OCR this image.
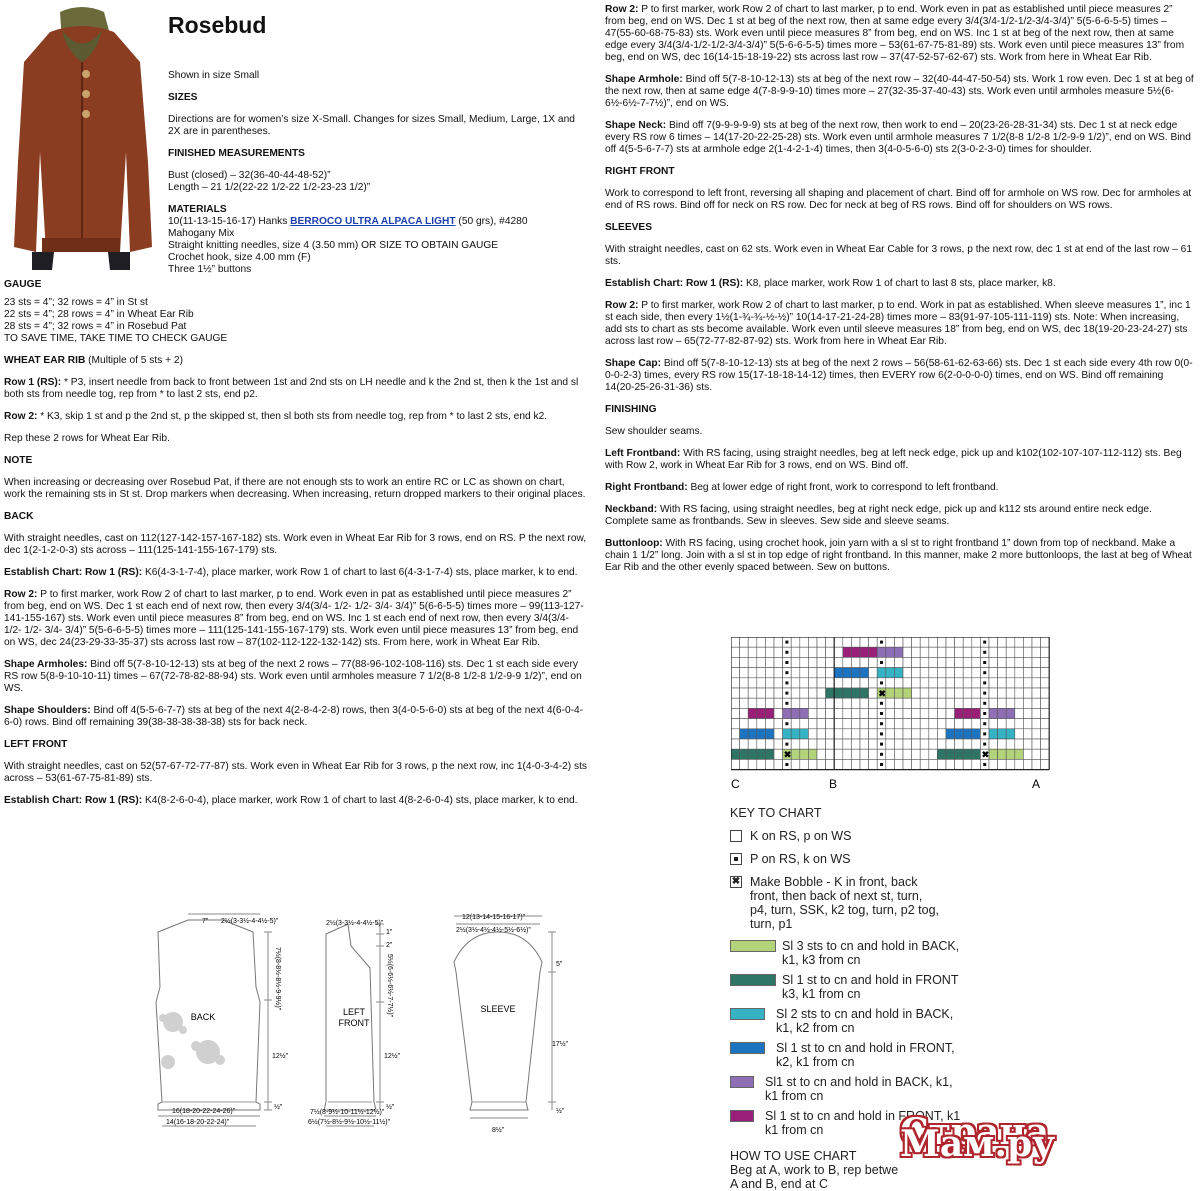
Rosebud

Shown in size Small

SIZES

Directions are for women’s size X-Small. Changes for sizes Small, Medium, Large, 1X and 2X are in parentheses.

FINISHED MEASUREMENTS
Bust (closed) – 32(36-40-44-48-52)”

Length – 21 1/2(22-22 1/2-22 1/2-23-23 1/2)”

MATERIALS
10(11-13-15-16-17) Hanks BERROCO ULTRA ALPACA LIGHT (50 grs), #4280
Mahogany Mix
Straight knitting needles, size 4 (3.50 mm) OR SIZE TO OBTAIN GAUGE
Crochet hook, size 4.00 mm (F)
Three 1½” buttons
GAUGE
23 sts = 4”; 32 rows = 4” in St st
22 sts = 4”; 28 rows = 4” in Wheat Ear Rib
28 sts = 4”; 32 rows = 4” in Rosebud Pat

TO SAVE TIME, TAKE TIME TO CHECK GAUGE

WHEAT EAR RIB (Multiple of 5 sts + 2)

Row 1 (RS): * P3, insert needle from back to front between 1st and 2nd sts on LH needle and k the 2nd st, then k the 1st and sl both sts from needle tog, rep from * to last 2 sts, end p2.

Row 2: * K3, skip 1 st and p the 2nd st, p the skipped st, then sl both sts from needle tog, rep from * to last 2 sts, end k2.

Rep these 2 rows for Wheat Ear Rib.

NOTE

When increasing or decreasing over Rosebud Pat, if there are not enough sts to work an entire RC or LC as shown on chart, work the remaining sts in St st. Drop markers when decreasing. When increasing, return dropped markers to their original places.

BACK

With straight needles, cast on 112(127-142-157-167-182) sts. Work even in Wheat Ear Rib for 3 rows, end on RS. P the next row, dec 1(2-1-2-0-3) sts across – 111(125-141-155-167-179) sts.

Establish Chart: Row 1 (RS): K6(4-3-1-7-4), place marker, work Row 1 of chart to last 6(4-3-1-7-4) sts, place marker, k to end.

Row 2: P to first marker, work Row 2 of chart to last marker, p to end. Work even in pat as established until piece measures 2” from beg, end on WS. Dec 1 st each end of next row, then every 3/4(3/4- 1/2- 1/2- 3/4- 3/4)” 5(6-6-5-5) times more – 99(113-127-141-155-167) sts. Work even until piece measures 8” from beg, end on WS. Inc 1 st each end of next row, then every 3/4(3/4- 1/2- 1/2- 3/4- 3/4)” 5(5-6-6-5-5) times more – 111(125-141-155-167-179) sts. Work even until piece measures 13” from beg, end on WS, dec 24(23-29-33-35-37) sts across last row – 87(102-112-122-132-142) sts. From here, work in Wheat Ear Rib.

Shape Armholes: Bind off 5(7-8-10-12-13) sts at beg of the next 2 rows – 77(88-96-102-108-116) sts. Dec 1 st each side every RS row 5(8-9-10-10-11) times – 67(72-78-82-88-94) sts. Work even until armholes measure 7 1/2(8-8 1/2-8 1/2-9-9 1/2)”, end on WS.

Shape Shoulders: Bind off 4(5-5-6-7-7) sts at beg of the next 4(2-8-4-2-8) rows, then 3(4-0-5-6-0) sts at beg of the next 4(6-0-4-6-0) rows. Bind off remaining 39(38-38-38-38-38) sts for back neck.

LEFT FRONT

With straight needles, cast on 52(57-67-72-77-87) sts. Work even in Wheat Ear Rib for 3 rows, p the next row, inc 1(4-0-3-4-2) sts across – 53(61-67-75-81-89) sts.

Establish Chart: Row 1 (RS): K4(8-2-6-0-4), place marker, work Row 1 of chart to last 4(8-2-6-0-4) sts, place marker, k to end.

Row 2: P to first marker, work Row 2 of chart to last marker, p to end. Work even in pat as established until piece measures 2” from beg, end on WS. Dec 1 st at beg of the next row, then at same edge every 3/4(3/4-1/2-1/2-3/4-3/4)” 5(5-6-6-5-5) times – 47(55-60-68-75-83) sts. Work even until piece measures 8” from beg, end on WS. Inc 1 st at beg of the next row, then at same edge every 3/4(3/4-1/2-1/2-3/4-3/4)” 5(5-6-6-5-5) times more – 53(61-67-75-81-89) sts. Work even until piece measures 13” from beg, end on WS, dec 16(14-15-18-19-22) sts across last row – 37(47-52-57-62-67) sts. Work from here in Wheat Ear Rib.

Shape Armhole: Bind off 5(7-8-10-12-13) sts at beg of the next row – 32(40-44-47-50-54) sts. Work 1 row even. Dec 1 st at beg of the next row, then at same edge 4(7-8-9-9-10) times more – 27(32-35-37-40-43) sts. Work even until armholes measure 5½(6-6½-6½-7-7½)”, end on WS.

Shape Neck: Bind off 7(9-9-9-9-9) sts at beg of the next row, then work to end – 20(23-26-28-31-34) sts. Dec 1 st at neck edge every RS row 6 times – 14(17-20-22-25-28) sts. Work even until armhole measures 7 1/2(8-8 1/2-8 1/2-9-9 1/2)”, end on WS. Bind off 4(5-5-6-7-7) sts at armhole edge 2(1-4-2-1-4) times, then 3(4-0-5-6-0) sts 2(3-0-2-3-0) times for shoulder.

RIGHT FRONT

Work to correspond to left front, reversing all shaping and placement of chart. Bind off for armhole on WS row. Dec for armholes at end of RS rows. Bind off for neck on RS row. Dec for neck at beg of RS rows. Bind off for shoulders on WS rows.

SLEEVES

With straight needles, cast on 62 sts. Work even in Wheat Ear Cable for 3 rows, p the next row, dec 1 st at end of the last row – 61 sts.

Establish Chart: Row 1 (RS): K8, place marker, work Row 1 of chart to last 8 sts, place marker, k8.

Row 2: P to first marker, work Row 2 of chart to last marker, p to end. Work in pat as established. When sleeve measures 1”, inc 1 st each side, then every 1½(1-¾-¾-½-½)” 10(14-17-21-24-28) times more – 83(91-97-105-111-119) sts. Note: When increasing, add sts to chart as sts become available. Work even until sleeve measures 18” from beg, end on WS, dec 18(19-20-23-24-27) sts across last row – 65(72-77-82-87-92) sts. Work from here in Wheat Ear Rib.

Shape Cap: Bind off 5(7-8-10-12-13) sts at beg of the next 2 rows – 56(58-61-62-63-66) sts. Dec 1 st each side every 4th row 0(0-0-0-2-3) times, every RS row 15(17-18-18-14-12) times, then EVERY row 6(2-0-0-0-0) times, end on WS. Bind off remaining 14(20-25-26-31-36) sts.

FINISHING

Sew shoulder seams.

Left Frontband: With RS facing, using straight needles, beg at left neck edge, pick up and k102(102-107-107-112-112) sts. Beg with Row 2, work in Wheat Ear Rib for 3 rows, end on WS. Bind off.

Right Frontband: Beg at lower edge of right front, work to correspond to left frontband.

Neckband: With RS facing, using straight needles, beg at right neck edge, pick up and k112 sts around entire neck edge. Complete same as frontbands. Sew in sleeves. Sew side and sleeve seams.

Buttonloop: With RS facing, using crochet hook, join yarn with a sl st to right frontband 1” down from top of neckband. Make a chain 1 1/2” long. Join with a sl st in top edge of right frontband. In this manner, make 2 more buttonloops, the last at beg of Wheat Ear Rib and the other evenly spaced between. Sew on buttons.

✖
✖	✖
C	B	A
KEY TO CHART
K on RS, p on WS
P on RS, k on WS
✖ Make Bobble - K in front, back
front, then back of next st, turn,
p4, turn, SSK, k2 tog, turn, p2 tog,
turn, p1
Sl 3 sts to cn and hold in BACK,
k1, k3 from cn
Sl 1 st to cn and hold in FRONT
k3, k1 from cn
Sl 2 sts to cn and hold in BACK,
k1, k2 from cn
Sl 1 st to cn and hold in FRONT,
k2, k1 from cn
Sl1 st to cn and hold in BACK, k1,
k1 from cn
Sl 1 st to cn and hold in FRONT, k1
k1 from cn
HOW TO USE CHART
Beg at A, work to B, rep betwe
A and B, end at C
BACK
7” 2½(3-3½-4-4½-5)”
7½(8-8½-8½-9-9½)”
12½”
½”
16(18-20-22-24-26)”
14(16-18-20-22-24)”
LEFT
FRONT
2½(3-3½-4-4½-5)”
1”
2”
5½(6-6½-6½-7-7½)”
12½”
½”
7½(8-9½-10-11½-12½)”
6½(7½-8½-9½-10½-11½)”
SLEEVE
12(13-14-15-16-17)”
2½(3½-4½-4½-5½-6½)”
5”
17½”
½”
8½”	Страна Мам.ру
